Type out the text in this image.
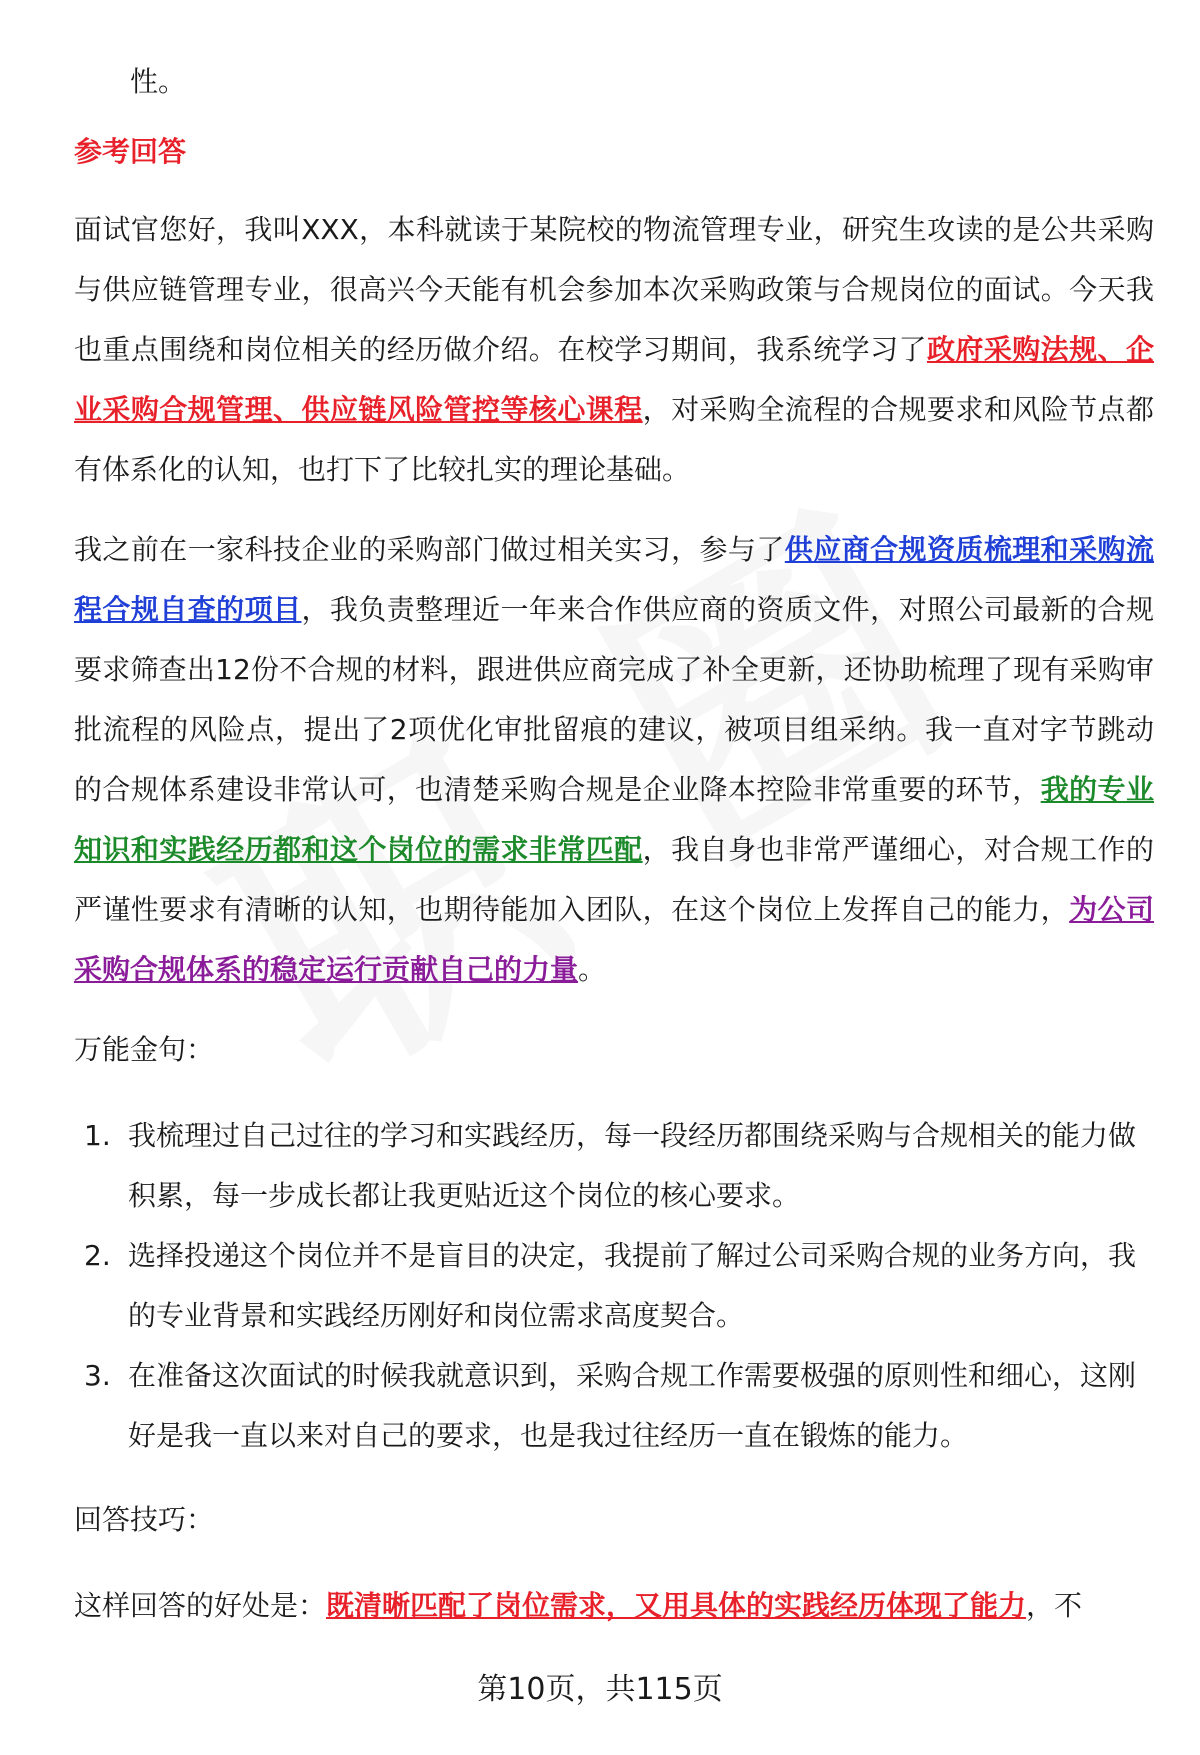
性。

参考回答

面试官您好，我叫XXX，本科就读于某院校的物流管理专业，研究生攻读的是公共采购与供应链管理专业，很高兴今天能有机会参加本次采购政策与合规岗位的面试。今天我也重点围绕和岗位相关的经历做介绍。在校学习期间，我系统学习了政府采购法规、企业采购合规管理、供应链风险管控等核心课程，对采购全流程的合规要求和风险节点都有体系化的认知，也打下了比较扎实的理论基础。

我之前在一家科技企业的采购部门做过相关实习，参与了供应商合规资质梳理和采购流程合规自查的项目，我负责整理近一年来合作供应商的资质文件，对照公司最新的合规要求筛查出12份不合规的材料，跟进供应商完成了补全更新，还协助梳理了现有采购审批流程的风险点，提出了2项优化审批留痕的建议，被项目组采纳。我一直对字节跳动的合规体系建设非常认可，也清楚采购合规是企业降本控险非常重要的环节，我的专业知识和实践经历都和这个岗位的需求非常匹配，我自身也非常严谨细心，对合规工作的严谨性要求有清晰的认知，也期待能加入团队，在这个岗位上发挥自己的能力，为公司采购合规体系的稳定运行贡献自己的力量。

万能金句：

1. 我梳理过自己过往的学习和实践经历，每一段经历都围绕采购与合规相关的能力做积累，每一步成长都让我更贴近这个岗位的核心要求。
2. 选择投递这个岗位并不是盲目的决定，我提前了解过公司采购合规的业务方向，我的专业背景和实践经历刚好和岗位需求高度契合。
3. 在准备这次面试的时候我就意识到，采购合规工作需要极强的原则性和细心，这刚好是我一直以来对自己的要求，也是我过往经历一直在锻炼的能力。

回答技巧：

这样回答的好处是：既清晰匹配了岗位需求，又用具体的实践经历体现了能力，不

第10页，共115页
